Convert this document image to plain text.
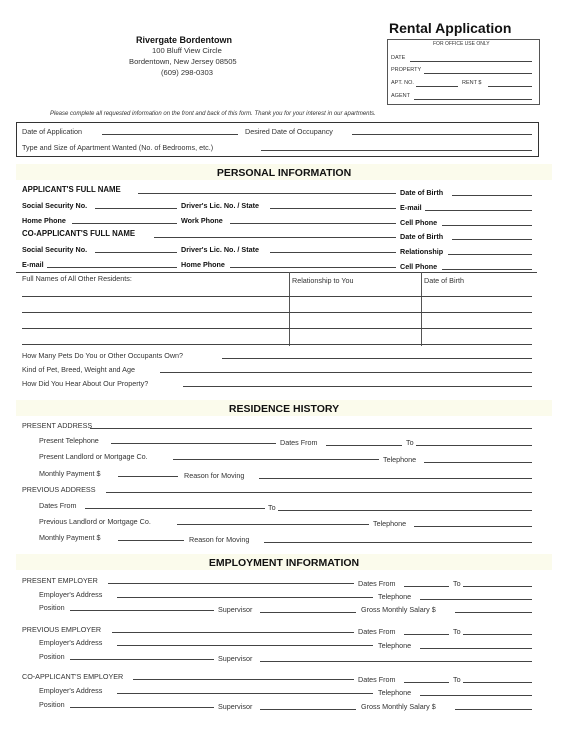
Rivergate Bordentown
100 Bluff View Circle
Bordentown, New Jersey 08505
(609) 298-0303
Rental Application
FOR OFFICE USE ONLY
DATE
PROPERTY
APT. NO.	RENT $
AGENT
Please complete all requested information on the front and back of this form. Thank you for your interest in our apartments.
Date of Application	Desired Date of Occupancy
Type and Size of Apartment Wanted (No. of Bedrooms, etc.)
PERSONAL INFORMATION
APPLICANT'S FULL NAME	Date of Birth
Social Security No.	Driver's Lic. No. / State	E-mail
Home Phone	Work Phone	Cell Phone
CO-APPLICANT'S FULL NAME	Date of Birth
Social Security No.	Driver's Lic. No. / State	Relationship
E-mail	Home Phone	Cell Phone
Full Names of All Other Residents:	Relationship to You	Date of Birth
How Many Pets Do You or Other Occupants Own?
Kind of Pet, Breed, Weight and Age
How Did You Hear About Our Property?
RESIDENCE HISTORY
PRESENT ADDRESS
Present Telephone	Dates From	To
Present Landlord or Mortgage Co.	Telephone
Monthly Payment $	Reason for Moving
PREVIOUS ADDRESS
Dates From	To
Previous Landlord or Mortgage Co.	Telephone
Monthly Payment $	Reason for Moving
EMPLOYMENT INFORMATION
PRESENT EMPLOYER	Dates From	To
Employer's Address	Telephone
Position	Supervisor	Gross Monthly Salary $
PREVIOUS EMPLOYER	Dates From	To
Employer's Address	Telephone
Position	Supervisor
CO-APPLICANT'S EMPLOYER	Dates From	To
Employer's Address	Telephone
Position	Supervisor	Gross Monthly Salary $
